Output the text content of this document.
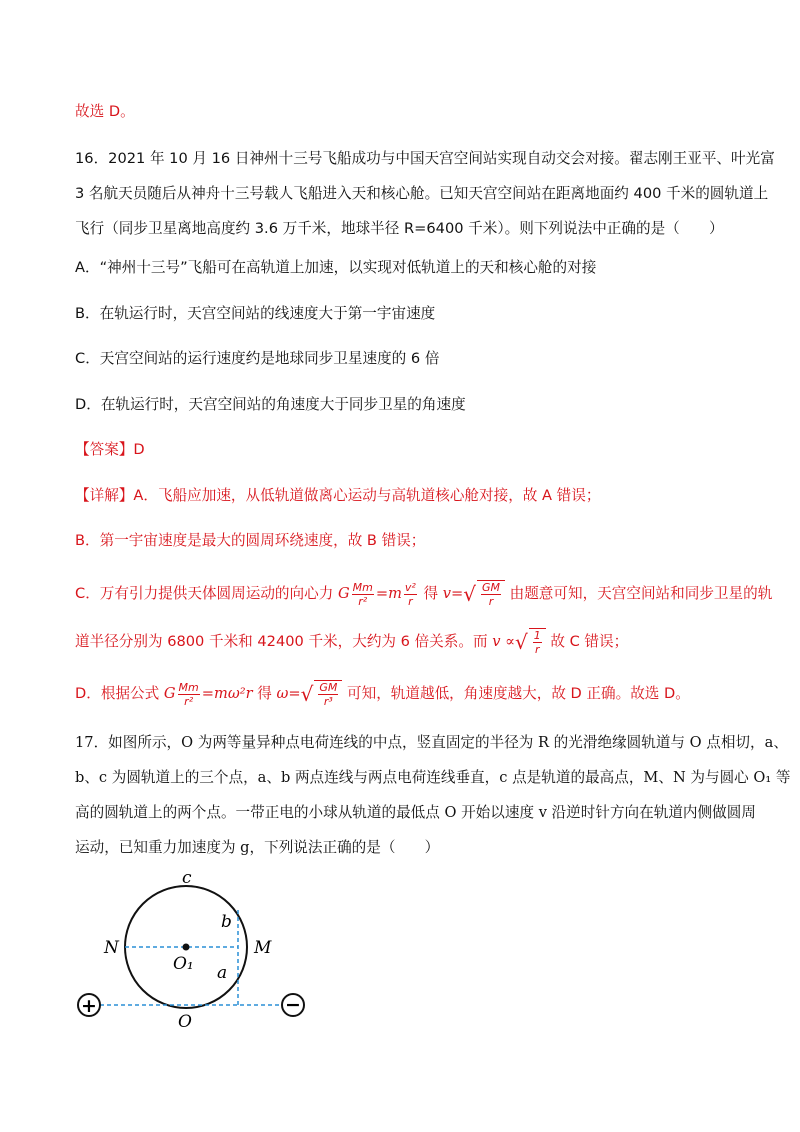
故选 D。
16．2021 年 10 月 16 日神州十三号飞船成功与中国天宫空间站实现自动交会对接。翟志刚王亚平、叶光富
3 名航天员随后从神舟十三号载人飞船进入天和核心舱。已知天宫空间站在距离地面约 400 千米的圆轨道上
飞行（同步卫星离地高度约 3.6 万千米，地球半径 R=6400 千米）。则下列说法中正确的是（　　）
A．“神州十三号”飞船可在高轨道上加速，以实现对低轨道上的天和核心舱的对接
B．在轨运行时，天宫空间站的线速度大于第一宇宙速度
C．天宫空间站的运行速度约是地球同步卫星速度的 6 倍
D．在轨运行时，天宫空间站的角速度大于同步卫星的角速度
【答案】D
【详解】A．飞船应加速，从低轨道做离心运动与高轨道核心舱对接，故 A 错误；
B．第一宇宙速度是最大的圆周环绕速度，故 B 错误；
C．万有引力提供天体圆周运动的向心力 G $\frac{Mm}{\text{r²}} =m \frac{\text{v²}}{r}$ 得 $v=√ \frac{GM}{r}$ 由题意可知，天宫空间站和同步卫星的轨
道半径分别为 6800 千米和 42400 千米，大约为 6 倍关系。而 v ∝√ $\frac{1}{r}$ 故 C 错误；
D．根据公式 G $\frac{Mm}{\text{r²}} =m\omega^2r$ 得 $\omega=√ \frac{GM}{\text{r³}}$ 可知，轨道越低，角速度越大，故 D 正确。故选 D。
17．如图所示，O 为两等量异种点电荷连线的中点，竖直固定的半径为 R 的光滑绝缘圆轨道与 O 点相切，a、
b、c 为圆轨道上的三个点，a、b 两点连线与两点电荷连线垂直，c 点是轨道的最高点，M、N 为与圆心 O₁ 等
高的圆轨道上的两个点。一带正电的小球从轨道的最低点 O 开始以速度 v 沿逆时针方向在轨道内侧做圆周
运动，已知重力加速度为 g，下列说法正确的是（　　）
c
b
N	M
O₁ a
O
+	−
